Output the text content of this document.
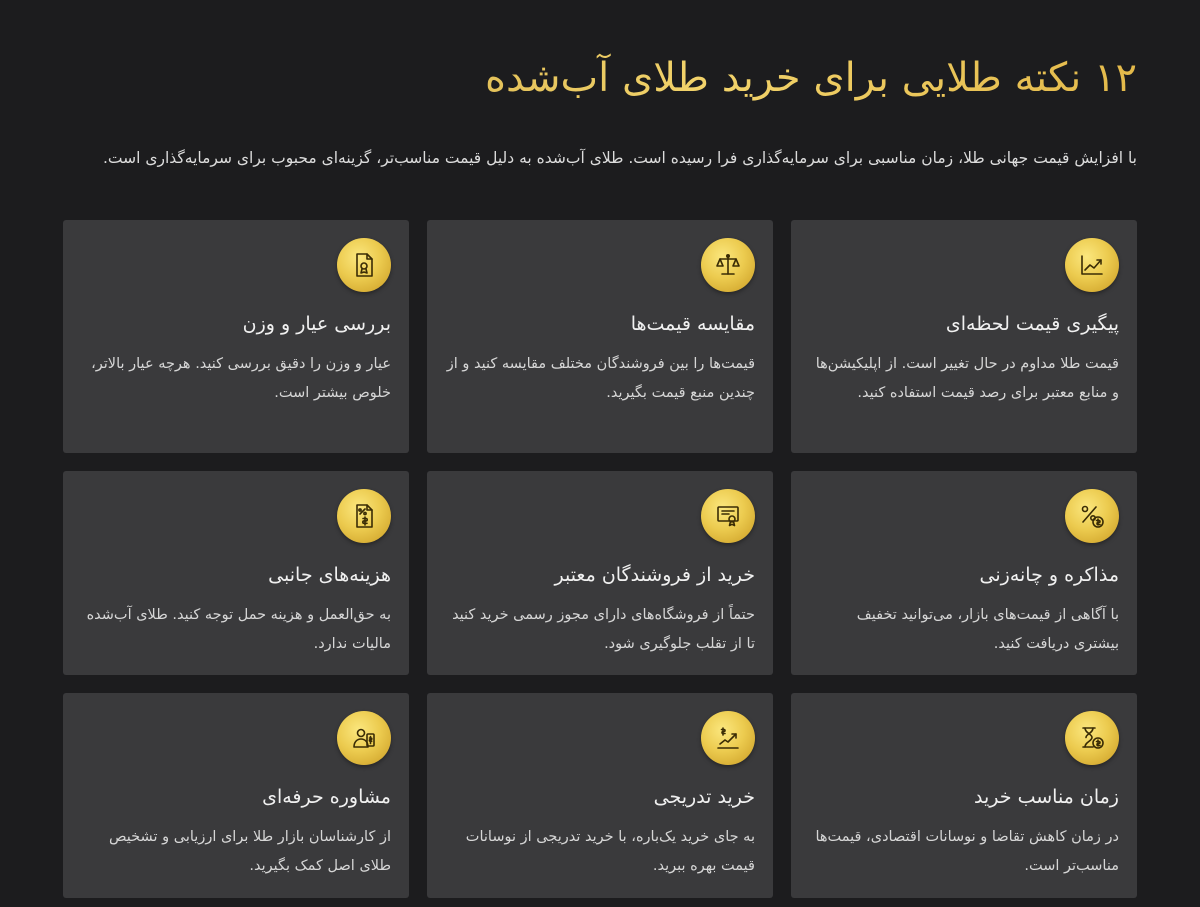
۱۲ نکته طلایی برای خرید طلای آب‌شده

با افزایش قیمت جهانی طلا، زمان مناسبی برای سرمایه‌گذاری فرا رسیده است. طلای آب‌شده به دلیل قیمت مناسب‌تر، گزینه‌ای محبوب برای سرمایه‌گذاری است.

پیگیری قیمت لحظه‌ای

قیمت طلا مداوم در حال تغییر است. از اپلیکیشن‌ها و منابع معتبر برای رصد قیمت استفاده کنید.

مقایسه قیمت‌ها

قیمت‌ها را بین فروشندگان مختلف مقایسه کنید و از چندین منبع قیمت بگیرید.

بررسی عیار و وزن

عیار و وزن را دقیق بررسی کنید. هرچه عیار بالاتر، خلوص بیشتر است.

مذاکره و چانه‌زنی

با آگاهی از قیمت‌های بازار، می‌توانید تخفیف بیشتری دریافت کنید.

خرید از فروشندگان معتبر

حتماً از فروشگاه‌های دارای مجوز رسمی خرید کنید تا از تقلب جلوگیری شود.

هزینه‌های جانبی

به حق‌العمل و هزینه حمل توجه کنید. طلای آب‌شده مالیات ندارد.

زمان مناسب خرید

در زمان کاهش تقاضا و نوسانات اقتصادی، قیمت‌ها مناسب‌تر است.

خرید تدریجی

به جای خرید یک‌باره، با خرید تدریجی از نوسانات قیمت بهره ببرید.

مشاوره حرفه‌ای

از کارشناسان بازار طلا برای ارزیابی و تشخیص طلای اصل کمک بگیرید.
